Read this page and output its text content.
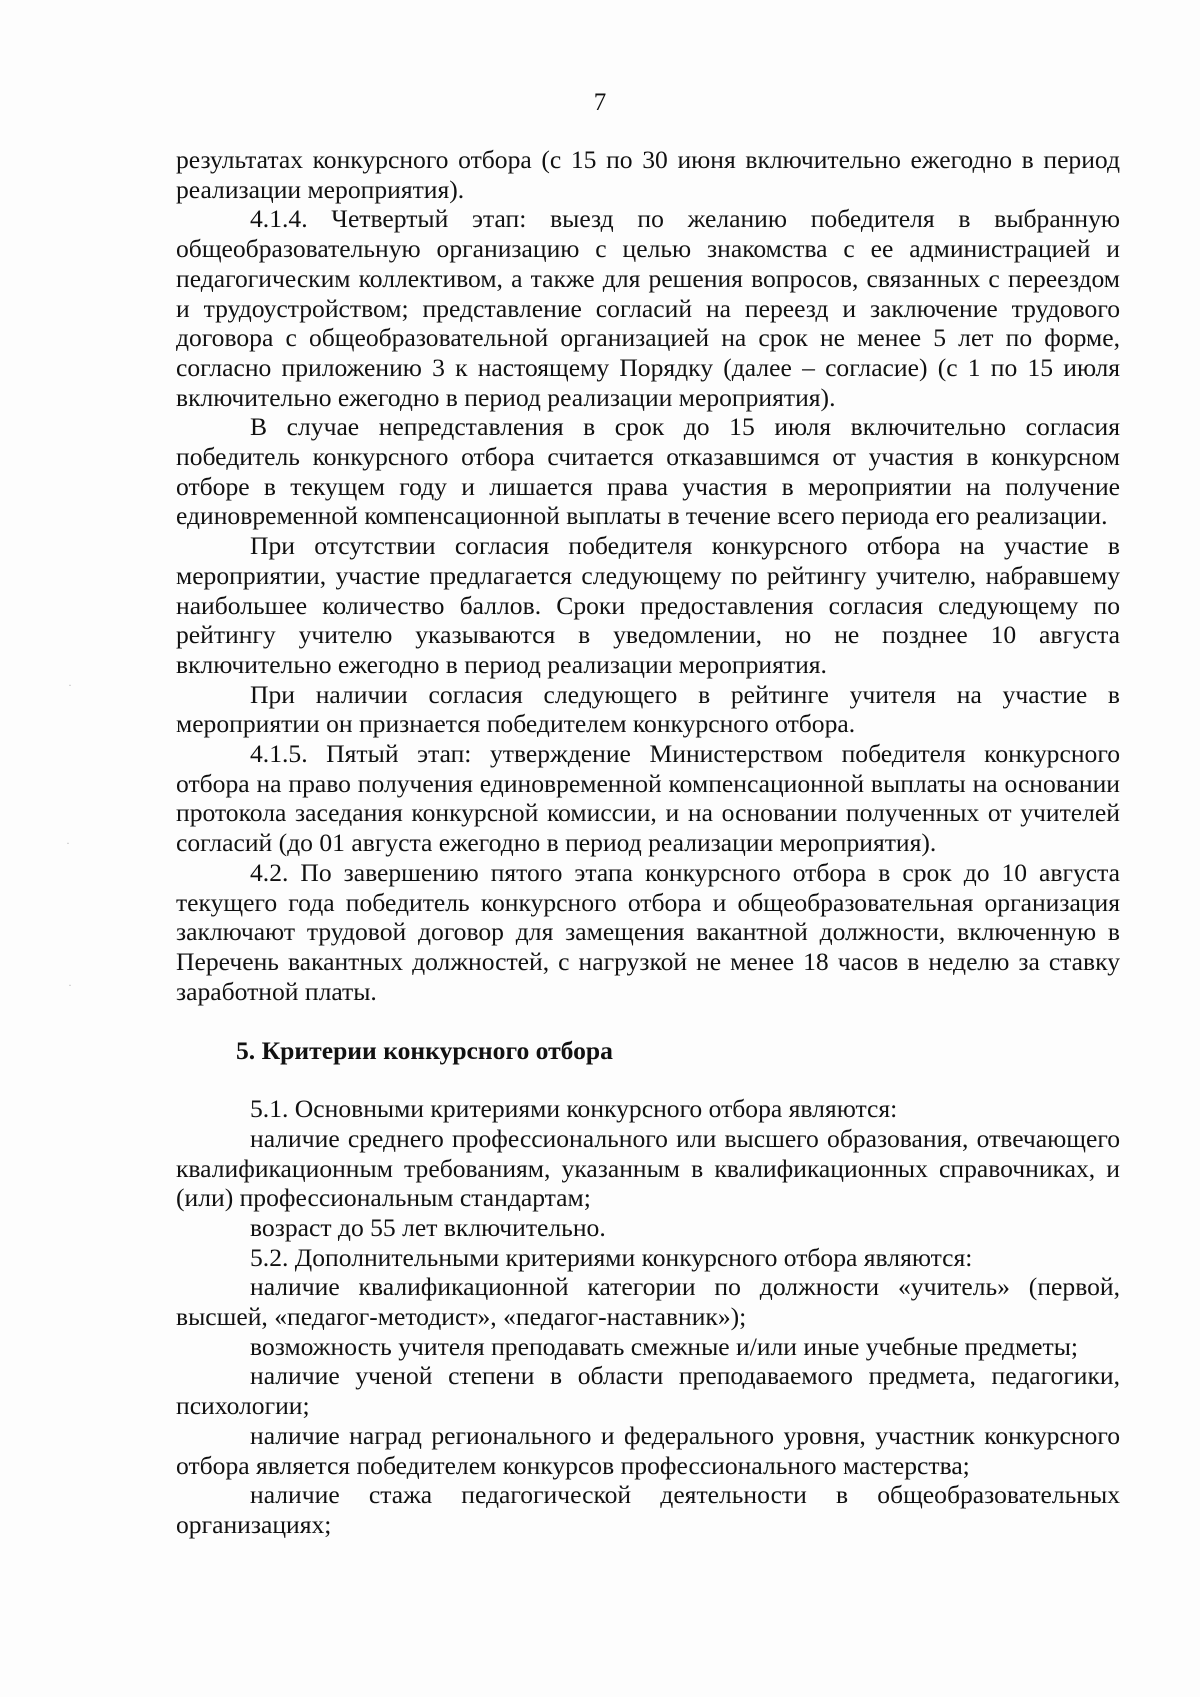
7

результатах конкурсного отбора (с 15 по 30 июня включительно ежегодно в период реализации мероприятия).

4.1.4. Четвертый этап: выезд по желанию победителя в выбранную общеобразовательную организацию с целью знакомства с ее администрацией и педагогическим коллективом, а также для решения вопросов, связанных с переездом и трудоустройством; представление согласий на переезд и заключение трудового договора с общеобразовательной организацией на срок не менее 5 лет по форме, согласно приложению 3 к настоящему Порядку (далее – согласие) (с 1 по 15 июля включительно ежегодно в период реализации мероприятия).

В случае непредставления в срок до 15 июля включительно согласия победитель конкурсного отбора считается отказавшимся от участия в конкурсном отборе в текущем году и лишается права участия в мероприятии на получение единовременной компенсационной выплаты в течение всего периода его реализации.

При отсутствии согласия победителя конкурсного отбора на участие в мероприятии, участие предлагается следующему по рейтингу учителю, набравшему наибольшее количество баллов. Сроки предоставления согласия следующему по рейтингу учителю указываются в уведомлении, но не позднее 10 августа включительно ежегодно в период реализации мероприятия.

При наличии согласия следующего в рейтинге учителя на участие в мероприятии он признается победителем конкурсного отбора.

4.1.5. Пятый этап: утверждение Министерством победителя конкурсного отбора на право получения единовременной компенсационной выплаты на основании протокола заседания конкурсной комиссии, и на основании полученных от учителей согласий (до 01 августа ежегодно в период реализации мероприятия).

4.2. По завершению пятого этапа конкурсного отбора в срок до 10 августа текущего года победитель конкурсного отбора и общеобразовательная организация заключают трудовой договор для замещения вакантной должности, включенную в Перечень вакантных должностей, с нагрузкой не менее 18 часов в неделю за ставку заработной платы.

5. Критерии конкурсного отбора

5.1. Основными критериями конкурсного отбора являются:

наличие среднего профессионального или высшего образования, отвечающего квалификационным требованиям, указанным в квалификационных справочниках, и (или) профессиональным стандартам;

возраст до 55 лет включительно.

5.2. Дополнительными критериями конкурсного отбора являются:

наличие квалификационной категории по должности «учитель» (первой, высшей, «педагог-методист», «педагог-наставник»);

возможность учителя преподавать смежные и/или иные учебные предметы;

наличие ученой степени в области преподаваемого предмета, педагогики, психологии;

наличие наград регионального и федерального уровня, участник конкурсного отбора является победителем конкурсов профессионального мастерства;

наличие стажа педагогической деятельности в общеобразовательных организациях;

·
·
·
